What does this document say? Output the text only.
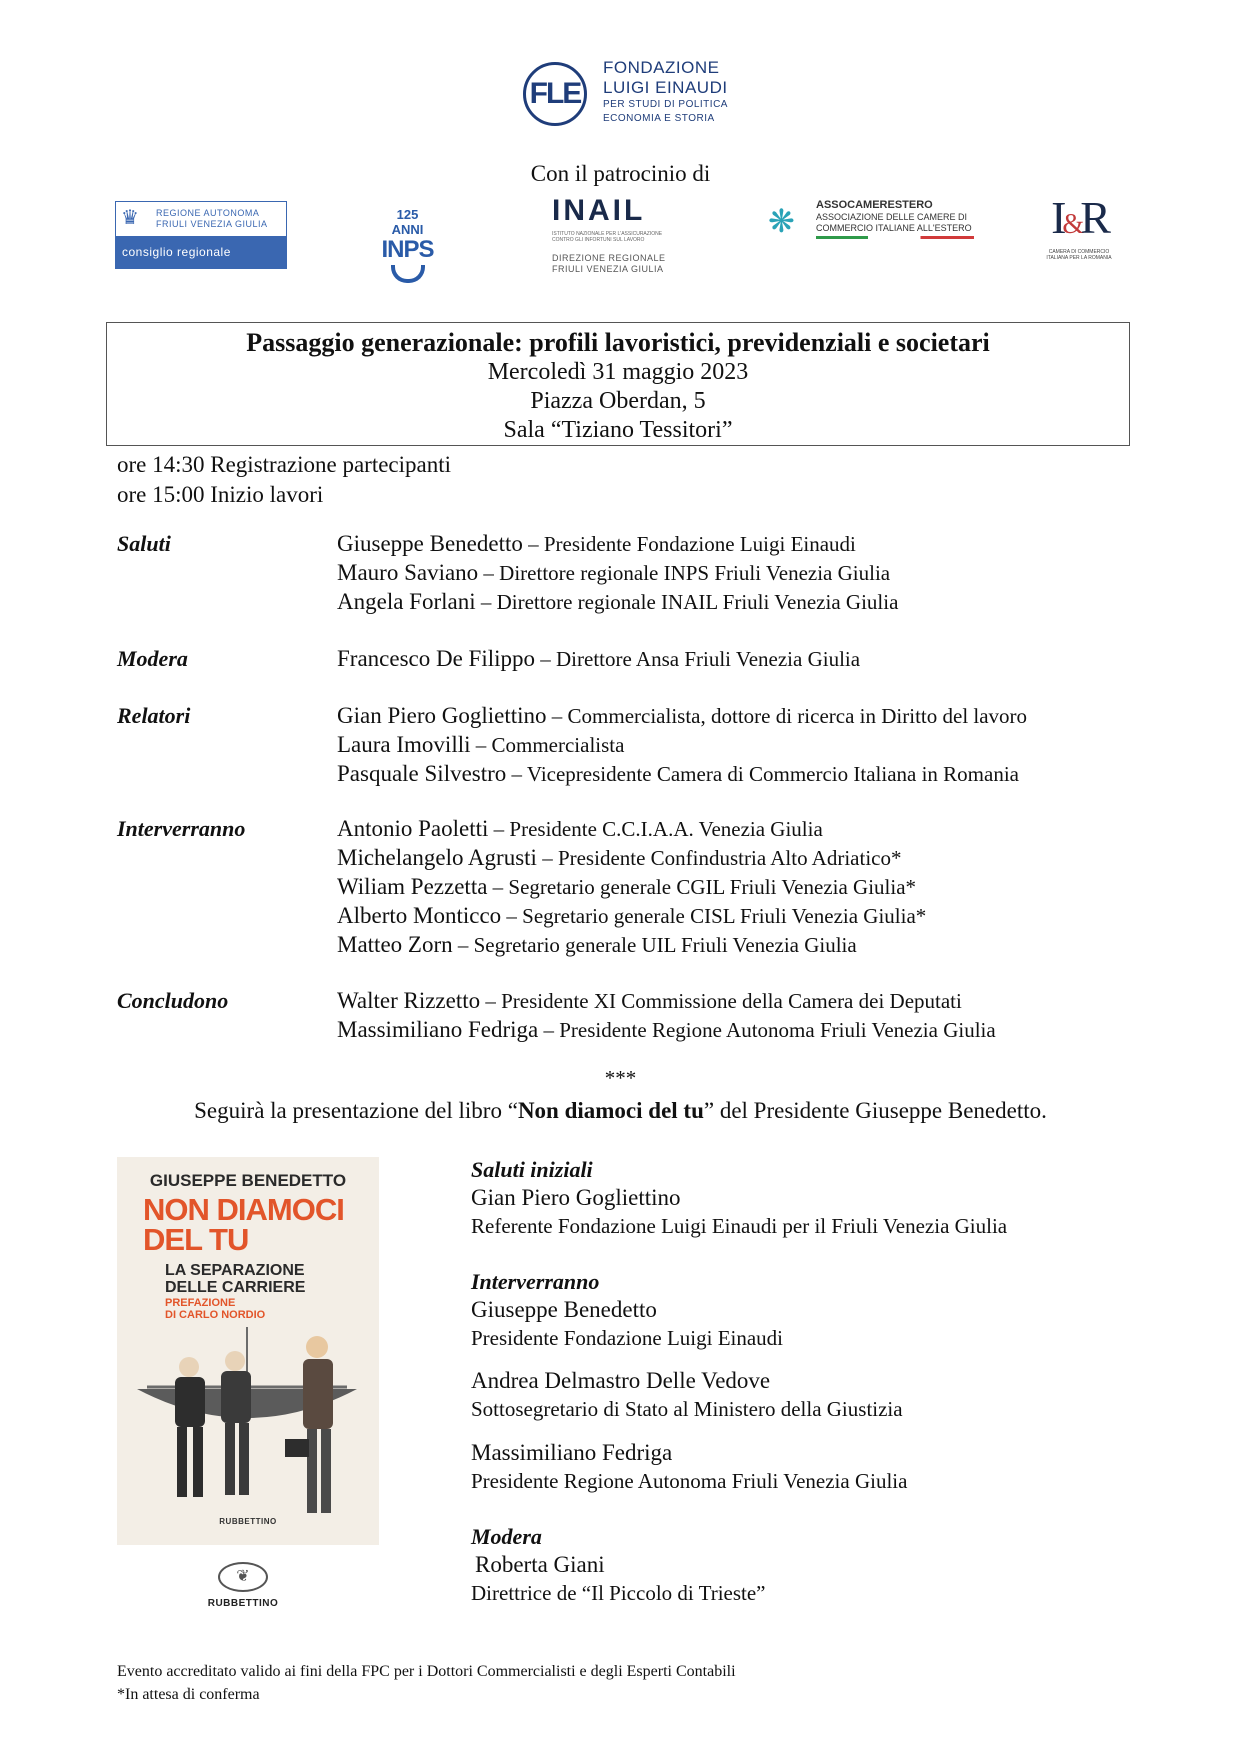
FLE
FONDAZIONE
LUIGI EINAUDI
PER STUDI DI POLITICA
ECONOMIA E STORIA
Con il patrocinio di
♛ REGIONE AUTONOMA
FRIULI VENEZIA GIULIA
consiglio regionale
125 ANNI
INPS
INAIL
ISTITUTO NAZIONALE PER L'ASSICURAZIONE CONTRO GLI INFORTUNI SUL LAVORO
DIREZIONE REGIONALE
FRIULI VENEZIA GIULIA
❋	ASSOCAMERESTERO
ASSOCIAZIONE DELLE CAMERE DI
COMMERCIO ITALIANE ALL'ESTERO I&R
CAMERA DI COMMERCIO
ITALIANA PER LA ROMANIA
Passaggio generazionale: profili lavoristici, previdenziali e societari
Mercoledì 31 maggio 2023
Piazza Oberdan, 5
Sala “Tiziano Tessitori”
ore 14:30 Registrazione partecipanti
ore 15:00 Inizio lavori
Saluti	Giuseppe Benedetto – Presidente Fondazione Luigi Einaudi
Mauro Saviano – Direttore regionale INPS Friuli Venezia Giulia
Angela Forlani – Direttore regionale INAIL Friuli Venezia Giulia
Modera	Francesco De Filippo – Direttore Ansa Friuli Venezia Giulia
Relatori	Gian Piero Gogliettino – Commercialista, dottore di ricerca in Diritto del lavoro
Laura Imovilli – Commercialista
Pasquale Silvestro – Vicepresidente Camera di Commercio Italiana in Romania
Interverranno	Antonio Paoletti – Presidente C.C.I.A.A. Venezia Giulia
Michelangelo Agrusti – Presidente Confindustria Alto Adriatico*
Wiliam Pezzetta – Segretario generale CGIL Friuli Venezia Giulia*
Alberto Monticco – Segretario generale CISL Friuli Venezia Giulia*
Matteo Zorn – Segretario generale UIL Friuli Venezia Giulia
Concludono	Walter Rizzetto – Presidente XI Commissione della Camera dei Deputati
Massimiliano Fedriga – Presidente Regione Autonoma Friuli Venezia Giulia
***
Seguirà la presentazione del libro “Non diamoci del tu” del Presidente Giuseppe Benedetto.
GIUSEPPE BENEDETTO
NON DIAMOCI
DEL TU
LA SEPARAZIONE
DELLE CARRIERE
PREFAZIONE
DI CARLO NORDIO
RUBBETTINO
❦
RUBBETTINO
Saluti iniziali
Gian Piero Gogliettino
Referente Fondazione Luigi Einaudi per il Friuli Venezia Giulia
Interverranno
Giuseppe Benedetto
Presidente Fondazione Luigi Einaudi
Andrea Delmastro Delle Vedove
Sottosegretario di Stato al Ministero della Giustizia
Massimiliano Fedriga
Presidente Regione Autonoma Friuli Venezia Giulia
Modera
Roberta Giani
Direttrice de “Il Piccolo di Trieste”
Evento accreditato valido ai fini della FPC per i Dottori Commercialisti e degli Esperti Contabili
*In attesa di conferma
